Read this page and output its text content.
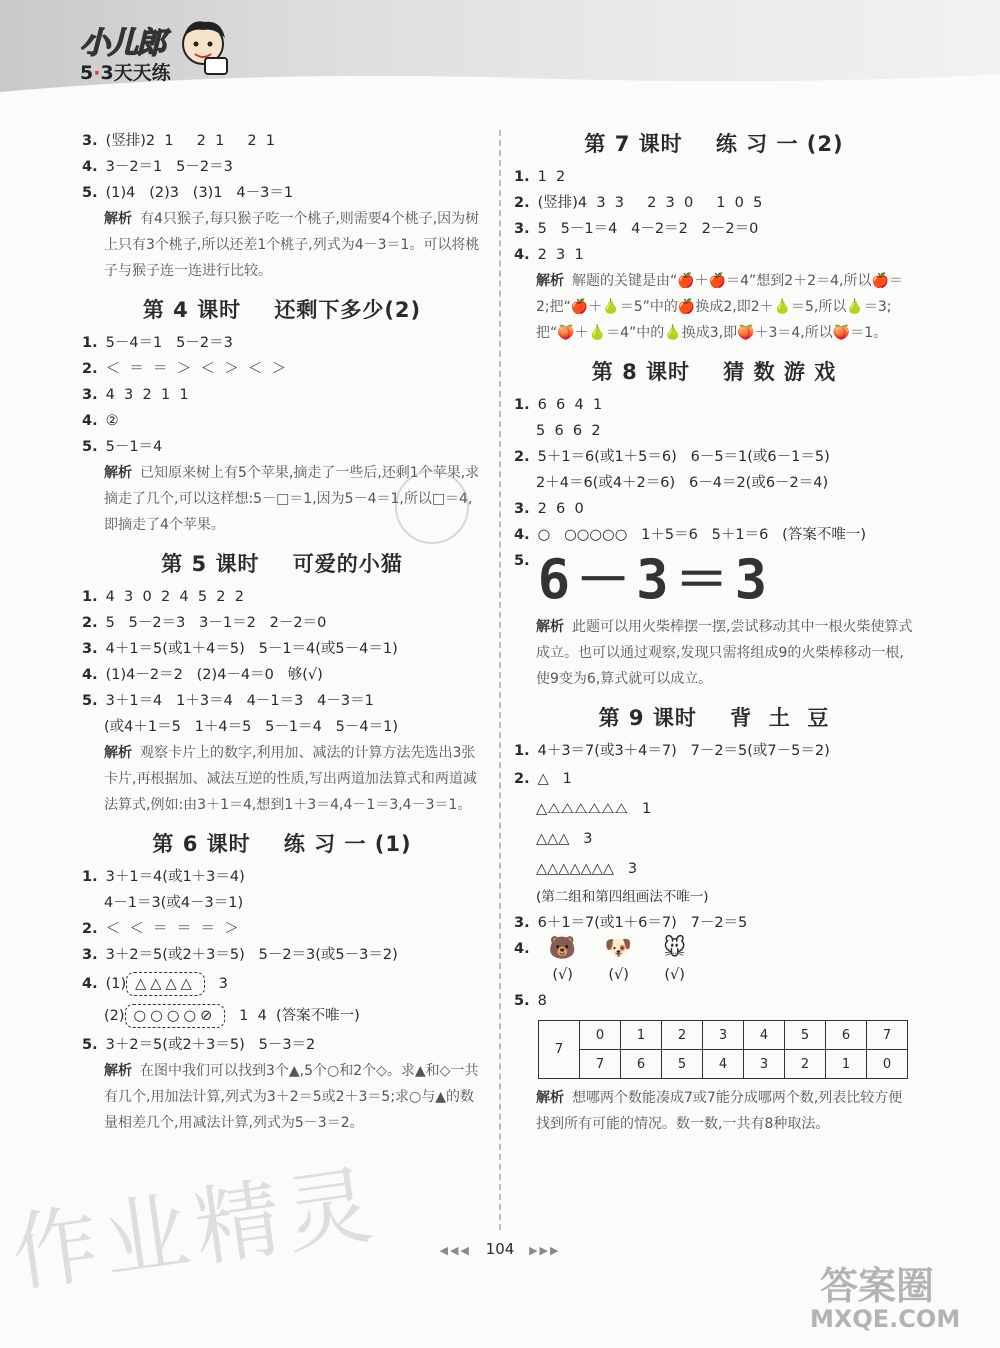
小儿郎
5·3天天练
3. (竖排)2  1     2  1     2  1
4. 3－2＝1   5－2＝3
5. (1)4   (2)3   (3)1   4－3＝1
解析 有4只猴子,每只猴子吃一个桃子,则需要4个桃子,因为树上只有3个桃子,所以还差1个桃子,列式为4－3＝1。可以将桃子与猴子连一连进行比较。
第 4 课时    还剩下多少(2)
1. 5－4＝1   5－2＝3
2. ＜  ＝  ＝  ＞  ＜  ＞  ＜  ＞
3. 4  3  2  1  1
4. ②
5. 5－1＝4
解析 已知原来树上有5个苹果,摘走了一些后,还剩1个苹果,求摘走了几个,可以这样想:5－□＝1,因为5－4＝1,所以□＝4,即摘走了4个苹果。
第 5 课时    可爱的小猫
1. 4  3  0  2  4  5  2  2
2. 5   5－2＝3   3－1＝2   2－2＝0
3. 4＋1＝5(或1＋4＝5)   5－1＝4(或5－4＝1)
4. (1)4－2＝2   (2)4－4＝0   够(√)
5. 3＋1＝4   1＋3＝4   4－1＝3   4－3＝1
(或4＋1＝5   1＋4＝5   5－1＝4   5－4＝1)
解析 观察卡片上的数字,利用加、减法的计算方法先选出3张卡片,再根据加、减法互逆的性质,写出两道加法算式和两道减法算式,例如:由3＋1＝4,想到1＋3＝4,4－1＝3,4－3＝1。
第 6 课时    练 习 一 (1)
1. 3＋1＝4(或1＋3＝4)
4－1＝3(或4－3＝1)
2. ＜  ＜  ＝  ＝  ＝  ＞
3. 3＋2＝5(或2＋3＝5)   5－2＝3(或5－3＝2)
4. (1) △△△△ 3
(2) ○○○○⊘ 1  4  (答案不唯一)
5. 3＋2＝5(或2＋3＝5)   5－3＝2
解析 在图中我们可以找到3个▲,5个○和2个◇。求▲和◇一共有几个,用加法计算,列式为3＋2＝5或2＋3＝5;求○与▲的数量相差几个,用减法计算,列式为5－3＝2。
第 7 课时    练 习 一 (2)
1. 1  2
2. (竖排)4  3  3     2  3  0     1  0  5
3. 5   5－1＝4   4－2＝2   2－2＝0
4. 2  3  1
解析 解题的关键是由“🍎＋🍎＝4”想到2＋2＝4,所以🍎＝2;把“🍎＋🍐＝5”中的🍎换成2,即2＋🍐＝5,所以🍐＝3;把“🍑＋🍐＝4”中的🍐换成3,即🍑＋3＝4,所以🍑＝1。
第 8 课时    猜 数 游 戏
1. 6  6  4  1
5  6  6  2
2. 5＋1＝6(或1＋5＝6)   6－5＝1(或6－1＝5)
2＋4＝6(或4＋2＝6)   6－4＝2(或6－2＝4)
3. 2  6  0
4. ○   ○○○○○   1＋5＝6   5＋1＝6   (答案不唯一)
5. 6－3＝3
解析 此题可以用火柴棒摆一摆,尝试移动其中一根火柴使算式成立。也可以通过观察,发现只需将组成9的火柴棒移动一根,使9变为6,算式就可以成立。
第 9 课时    背  土  豆
1. 4＋3＝7(或3＋4＝7)   7－2＝5(或7－5＝2)
2. △   1
△⧍⧍⧍⧍⧍⧍   1
△△△   3
△△△△△△△   3
(第二组和第四组画法不唯一)
3. 6＋1＝7(或1＋6＝7)   7－2＝5
4. 🐻
(√)
🐶
(√)
🐭
(√)
5. 8
7	0	1	2	3	4	5	6	7
	7	6	5	4	3	2	1	0
解析 想哪两个数能凑成7或7能分成哪两个数,列表比较方便找到所有可能的情况。数一数,一共有8种取法。
◀◀◀ 104 ▶▶▶
作业精灵	答案圈
MXQE.COM
